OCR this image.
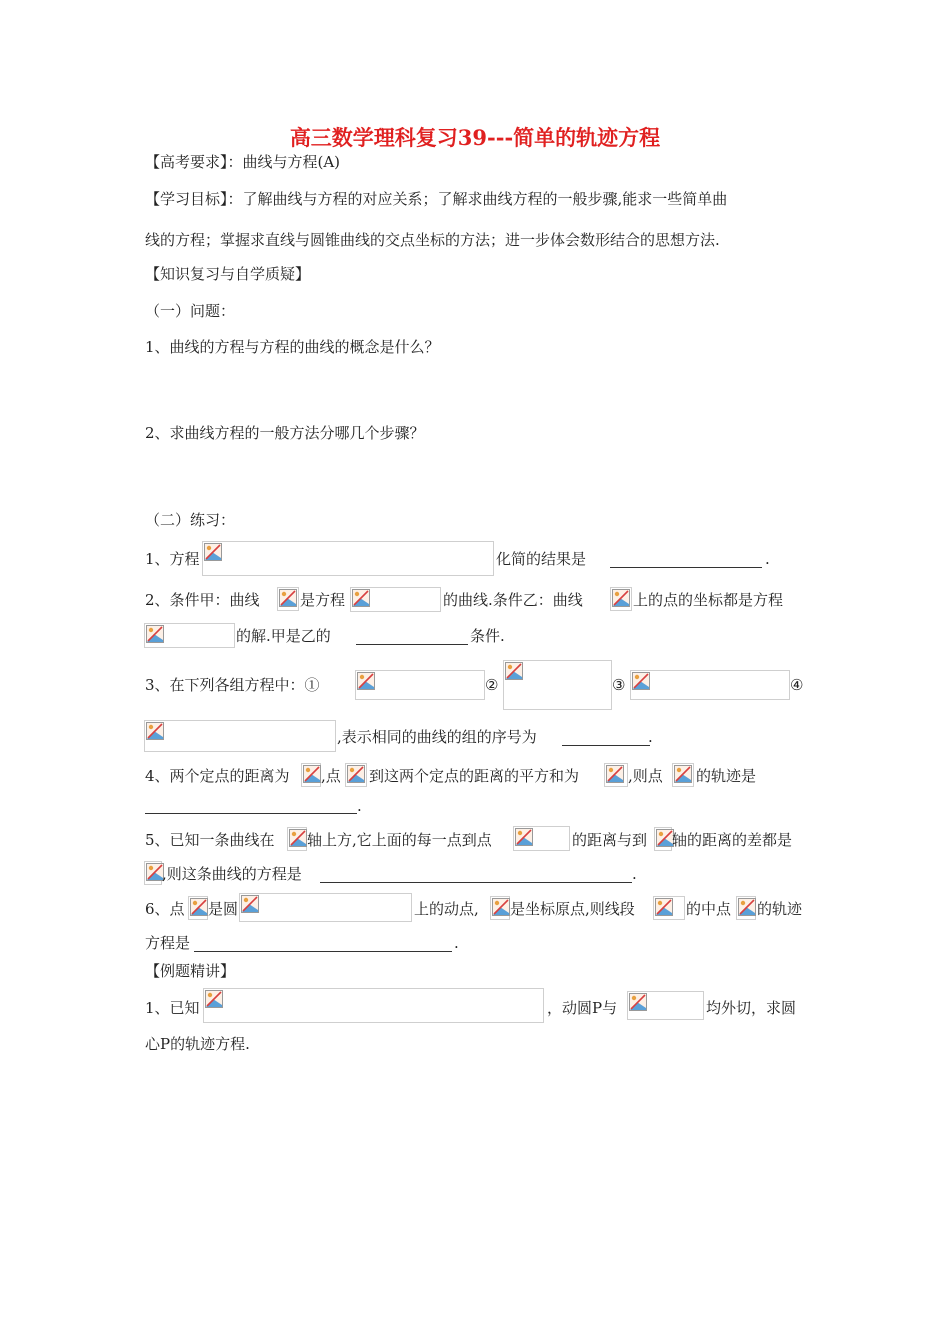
高三数学理科复习39---简单的轨迹方程
【高考要求】：曲线与方程(A)
【学习目标】：了解曲线与方程的对应关系；了解求曲线方程的一般步骤,能求一些简单曲
线的方程；掌握求直线与圆锥曲线的交点坐标的方法；进一步体会数形结合的思想方法.
【知识复习与自学质疑】
（一）问题：
1、曲线的方程与方程的曲线的概念是什么？
2、求曲线方程的一般方法分哪几个步骤？
（二）练习：
1、方程	化简的结果是	.
2、条件甲：曲线	是方程	的曲线.条件乙：曲线	上的点的坐标都是方程
的解.甲是乙的	条件.
3、在下列各组方程中：①	②	③	④
,表示相同的曲线的组的序号为	.
4、两个定点的距离为 ,点 到这两个定点的距离的平方和为	,则点 的轨迹是
.
5、已知一条曲线在 轴上方,它上面的每一点到点	的距离与到 轴的距离的差都是
,则这条曲线的方程是	.
6、点 是圆	上的动点, 是坐标原点,则线段	的中点 的轨迹
方程是	.
【例题精讲】
1、已知	，动圆P与	均外切，求圆
心P的轨迹方程.
